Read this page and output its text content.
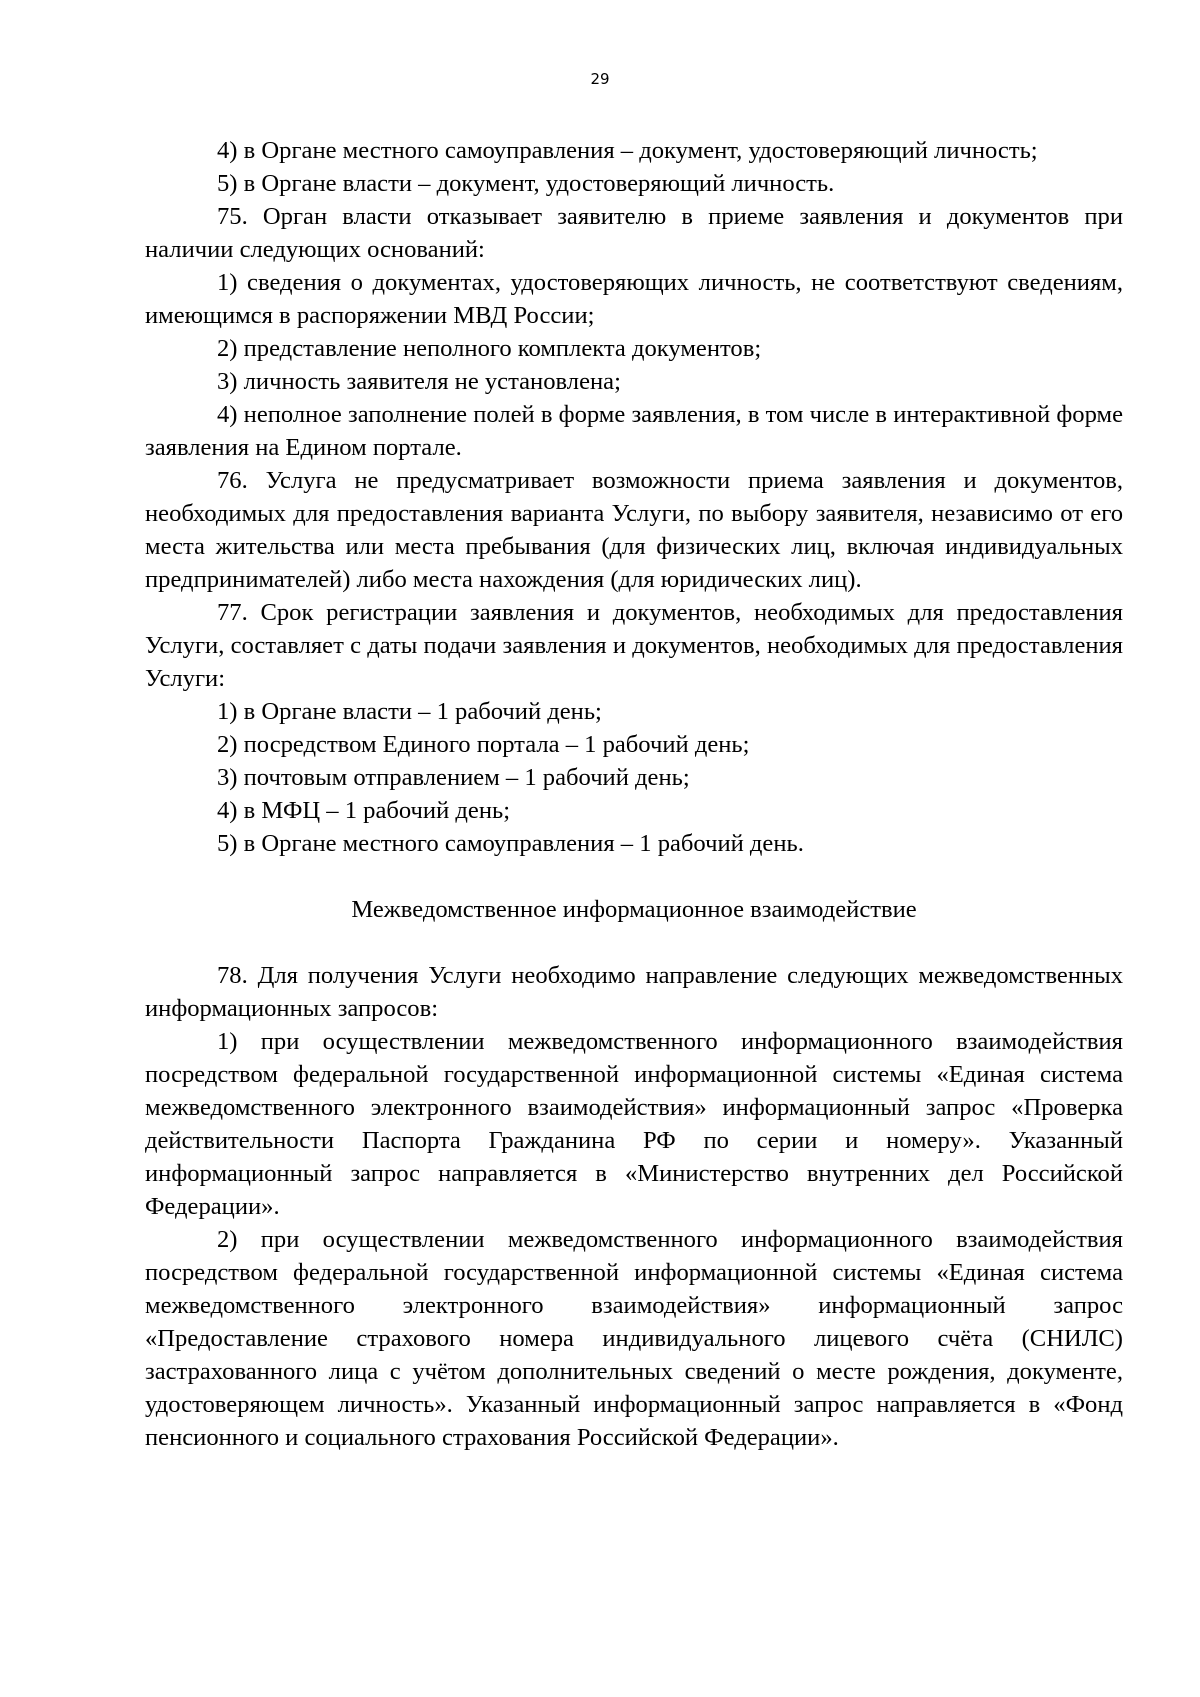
29

4) в Органе местного самоуправления – документ, удостоверяющий личность;

5) в Органе власти – документ, удостоверяющий личность.

75. Орган власти отказывает заявителю в приеме заявления и документов при наличии следующих оснований:

1) сведения о документах, удостоверяющих личность, не соответствуют сведениям, имеющимся в распоряжении МВД России;

2) представление неполного комплекта документов;

3) личность заявителя не установлена;

4) неполное заполнение полей в форме заявления, в том числе в интерактивной форме заявления на Едином портале.

76. Услуга не предусматривает возможности приема заявления и документов, необходимых для предоставления варианта Услуги, по выбору заявителя, независимо от его места жительства или места пребывания (для физических лиц, включая индивидуальных предпринимателей) либо места нахождения (для юридических лиц).

77. Срок регистрации заявления и документов, необходимых для предоставления Услуги, составляет с даты подачи заявления и документов, необходимых для предоставления Услуги:

1) в Органе власти – 1 рабочий день;

2) посредством Единого портала – 1 рабочий день;

3) почтовым отправлением – 1 рабочий день;

4) в МФЦ – 1 рабочий день;

5) в Органе местного самоуправления – 1 рабочий день.

Межведомственное информационное взаимодействие

78. Для получения Услуги необходимо направление следующих межведомственных информационных запросов:

1) при осуществлении межведомственного информационного взаимодействия посредством федеральной государственной информационной системы «Единая система межведомственного электронного взаимодействия» информационный запрос «Проверка действительности Паспорта Гражданина РФ по серии и номеру». Указанный информационный запрос направляется в «Министерство внутренних дел Российской Федерации».

2) при осуществлении межведомственного информационного взаимодействия посредством федеральной государственной информационной системы «Единая система межведомственного электронного взаимодействия» информационный запрос «Предоставление страхового номера индивидуального лицевого счёта (СНИЛС) застрахованного лица с учётом дополнительных сведений о месте рождения, документе, удостоверяющем личность». Указанный информационный запрос направляется в «Фонд пенсионного и социального страхования Российской Федерации».
